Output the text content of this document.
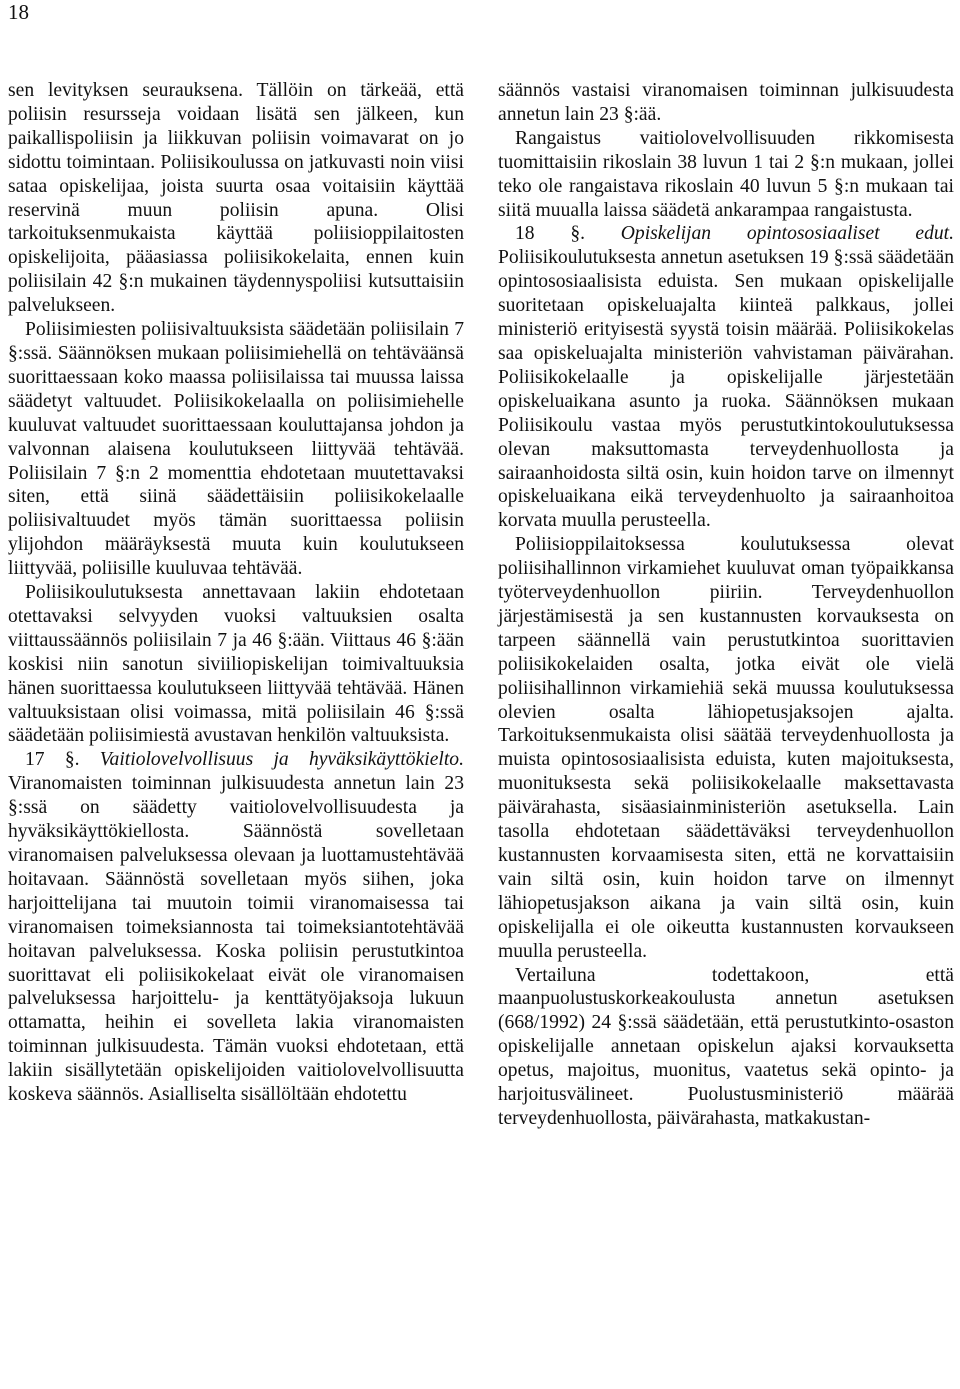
18

sen levityksen seurauksena. Tällöin on tärkeää, että poliisin resursseja voidaan lisätä sen jälkeen, kun paikallispoliisin ja liikkuvan poliisin voimavarat on jo sidottu toimintaan. Poliisikoulussa on jatkuvasti noin viisi sataa opiskelijaa, joista suurta osaa voitaisiin käyttää reservinä muun poliisin apuna. Olisi tarkoituksenmukaista käyttää poliisioppilaitosten opiskelijoita, pääasiassa poliisikokelaita, ennen kuin poliisilain 42 §:n mukainen täydennyspoliisi kutsuttaisiin palvelukseen.

Poliisimiesten poliisivaltuuksista säädetään poliisilain 7 §:ssä. Säännöksen mukaan poliisimiehellä on tehtäväänsä suorittaessaan koko maassa poliisilaissa tai muussa laissa säädetyt valtuudet. Poliisikokelaalla on poliisimiehelle kuuluvat valtuudet suorittaessaan kouluttajansa johdon ja valvonnan alaisena koulutukseen liittyvää tehtävää. Poliisilain 7 §:n 2 momenttia ehdotetaan muutettavaksi siten, että siinä säädettäisiin poliisikokelaalle poliisivaltuudet myös tämän suorittaessa poliisin ylijohdon määräyksestä muuta kuin koulutukseen liittyvää, poliisille kuuluvaa tehtävää.

Poliisikoulutuksesta annettavaan lakiin ehdotetaan otettavaksi selvyyden vuoksi valtuuksien osalta viittaussäännös poliisilain 7 ja 46 §:ään. Viittaus 46 §:ään koskisi niin sanotun siviiliopiskelijan toimivaltuuksia hänen suorittaessa koulutukseen liittyvää tehtävää. Hänen valtuuksistaan olisi voimassa, mitä poliisilain 46 §:ssä säädetään poliisimiestä avustavan henkilön valtuuksista.

17 §. Vaitiolovelvollisuus ja hyväksikäyttökielto. Viranomaisten toiminnan julkisuudesta annetun lain 23 §:ssä on säädetty vaitiolovelvollisuudesta ja hyväksikäyttökiellosta. Säännöstä sovelletaan viranomaisen palveluksessa olevaan ja luottamustehtävää hoitavaan. Säännöstä sovelletaan myös siihen, joka harjoittelijana tai muutoin toimii viranomaisessa tai viranomaisen toimeksiannosta tai toimeksiantotehtävää hoitavan palveluksessa. Koska poliisin perustutkintoa suorittavat eli poliisikokelaat eivät ole viranomaisen palveluksessa harjoittelu- ja kenttätyöjaksoja lukuun ottamatta, heihin ei sovelleta lakia viranomaisten toiminnan julkisuudesta. Tämän vuoksi ehdotetaan, että lakiin sisällytetään opiskelijoiden vaitiolovelvollisuutta koskeva säännös. Asialliselta sisällöltään ehdotettu

säännös vastaisi viranomaisen toiminnan julkisuudesta annetun lain 23 §:ää.

Rangaistus vaitiolovelvollisuuden rikkomisesta tuomittaisiin rikoslain 38 luvun 1 tai 2 §:n mukaan, jollei teko ole rangaistava rikoslain 40 luvun 5 §:n mukaan tai siitä muualla laissa säädetä ankarampaa rangaistusta.

18 §. Opiskelijan opintososiaaliset edut. Poliisikoulutuksesta annetun asetuksen 19 §:ssä säädetään opintososiaalisista eduista. Sen mukaan opiskelijalle suoritetaan opiskeluajalta kiinteä palkkaus, jollei ministeriö erityisestä syystä toisin määrää. Poliisikokelas saa opiskeluajalta ministeriön vahvistaman päivärahan. Poliisikokelaalle ja opiskelijalle järjestetään opiskeluaikana asunto ja ruoka. Säännöksen mukaan Poliisikoulu vastaa myös perustutkintokoulutuksessa olevan maksuttomasta terveydenhuollosta ja sairaanhoidosta siltä osin, kuin hoidon tarve on ilmennyt opiskeluaikana eikä terveydenhuolto ja sairaanhoitoa korvata muulla perusteella.

Poliisioppilaitoksessa koulutuksessa olevat poliisihallinnon virkamiehet kuuluvat oman työpaikkansa työterveydenhuollon piiriin. Terveydenhuollon järjestämisestä ja sen kustannusten korvauksesta on tarpeen säännellä vain perustutkintoa suorittavien poliisikokelaiden osalta, jotka eivät ole vielä poliisihallinnon virkamiehiä sekä muussa koulutuksessa olevien osalta lähiopetusjaksojen ajalta. Tarkoituksenmukaista olisi säätää terveydenhuollosta ja muista opintososiaalisista eduista, kuten majoituksesta, muonituksesta sekä poliisikokelaalle maksettavasta päivärahasta, sisäasiainministeriön asetuksella. Lain tasolla ehdotetaan säädettäväksi terveydenhuollon kustannusten korvaamisesta siten, että ne korvattaisiin vain siltä osin, kuin hoidon tarve on ilmennyt lähiopetusjakson aikana ja vain siltä osin, kuin opiskelijalla ei ole oikeutta kustannusten korvaukseen muulla perusteella.

Vertailuna todettakoon, että maanpuolustuskorkeakoulusta annetun asetuksen (668/1992) 24 §:ssä säädetään, että perustutkinto-osaston opiskelijalle annetaan opiskelun ajaksi korvauksetta opetus, majoitus, muonitus, vaatetus sekä opinto- ja harjoitusvälineet. Puolustusministeriö määrää terveydenhuollosta, päivärahasta, matkakustan-
